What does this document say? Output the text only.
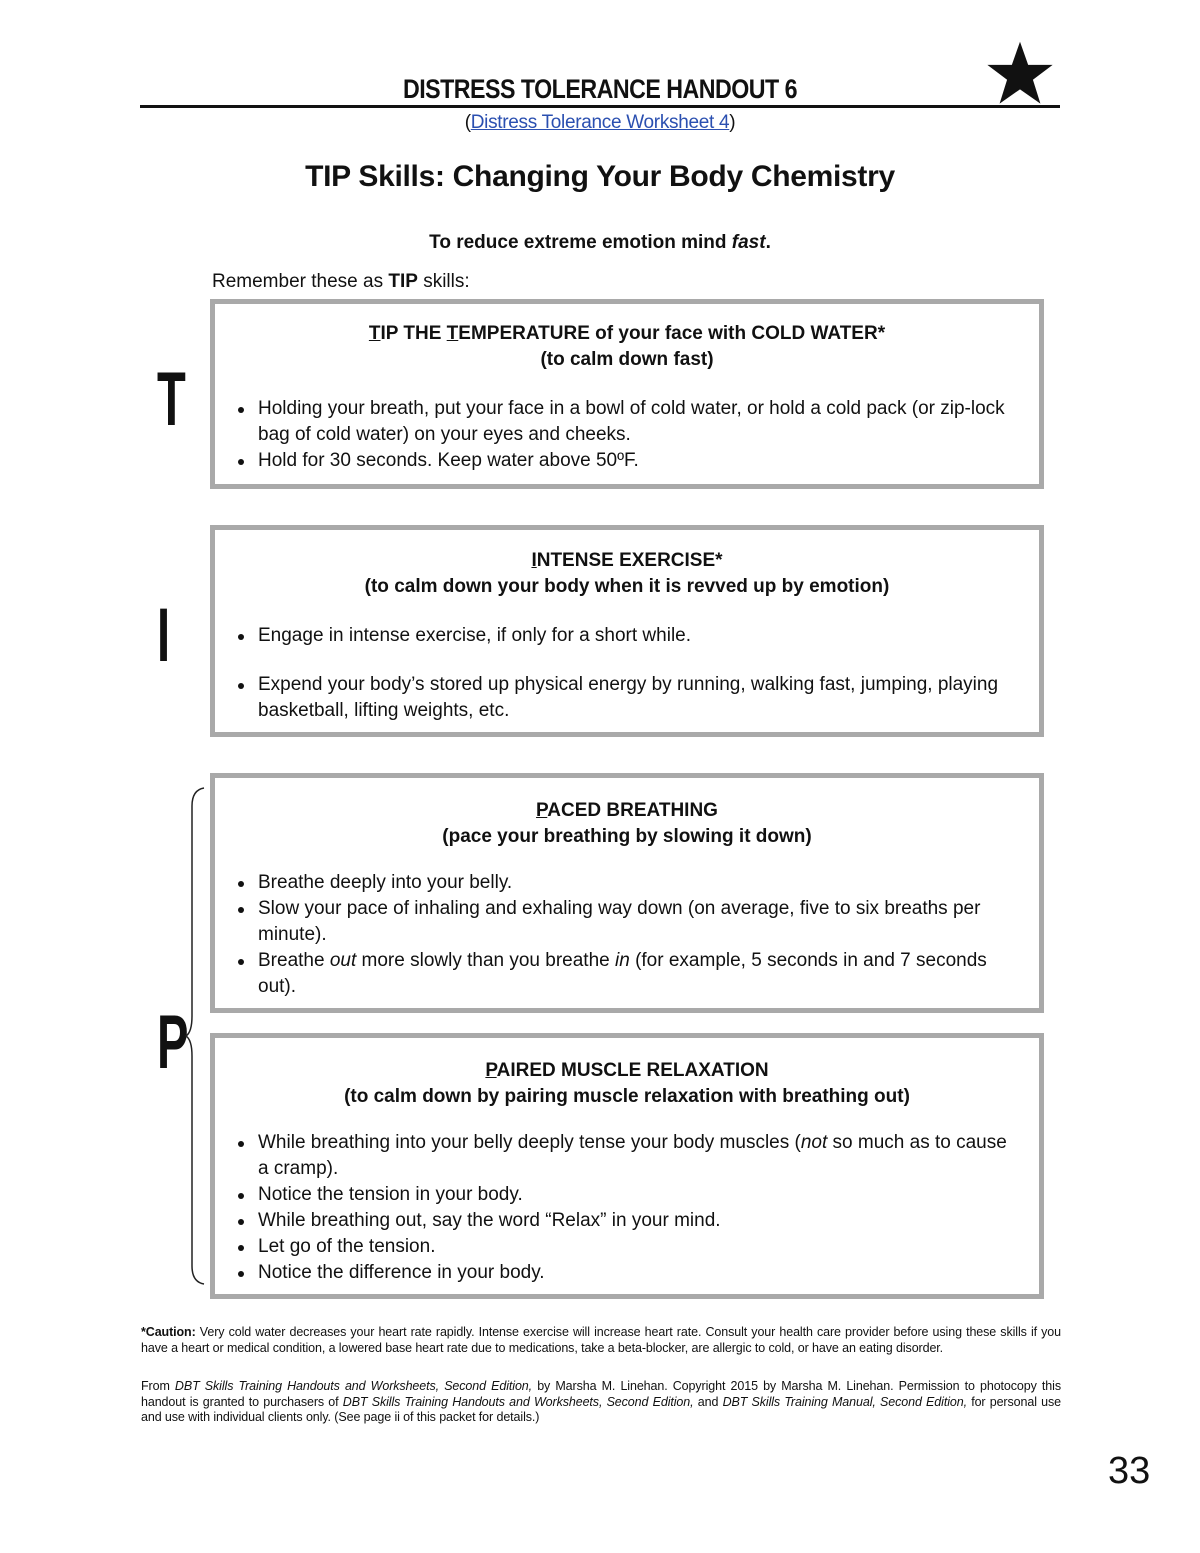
DISTRESS TOLERANCE HANDOUT 6
(Distress Tolerance Worksheet 4)
TIP Skills: Changing Your Body Chemistry
To reduce extreme emotion mind fast.
Remember these as TIP skills:
T
I
P
TIP THE TEMPERATURE of your face with COLD WATER*
(to calm down fast)
Holding your breath, put your face in a bowl of cold water, or hold a cold pack (or zip-lock bag of cold water) on your eyes and cheeks.
Hold for 30 seconds. Keep water above 50ºF.
INTENSE EXERCISE*
(to calm down your body when it is revved up by emotion)
Engage in intense exercise, if only for a short while.
Expend your body’s stored up physical energy by running, walking fast, jumping, playing basketball, lifting weights, etc.
PACED BREATHING
(pace your breathing by slowing it down)
Breathe deeply into your belly.
Slow your pace of inhaling and exhaling way down (on average, five to six breaths per minute).
Breathe out more slowly than you breathe in (for example, 5 seconds in and 7 seconds out).
PAIRED MUSCLE RELAXATION
(to calm down by pairing muscle relaxation with breathing out)
While breathing into your belly deeply tense your body muscles (not so much as to cause a cramp).
Notice the tension in your body.
While breathing out, say the word “Relax” in your mind.
Let go of the tension.
Notice the difference in your body.
*Caution: Very cold water decreases your heart rate rapidly. Intense exercise will increase heart rate. Consult your health care provider before using these skills if you have a heart or medical condition, a lowered base heart rate due to medications, take a beta-blocker, are allergic to cold, or have an eating disorder.
From DBT Skills Training Handouts and Worksheets, Second Edition, by Marsha M. Linehan. Copyright 2015 by Marsha M. Linehan. Permission to photocopy this handout is granted to purchasers of DBT Skills Training Handouts and Worksheets, Second Edition, and DBT Skills Training Manual, Second Edition, for personal use and use with individual clients only. (See page ii of this packet for details.)
33
